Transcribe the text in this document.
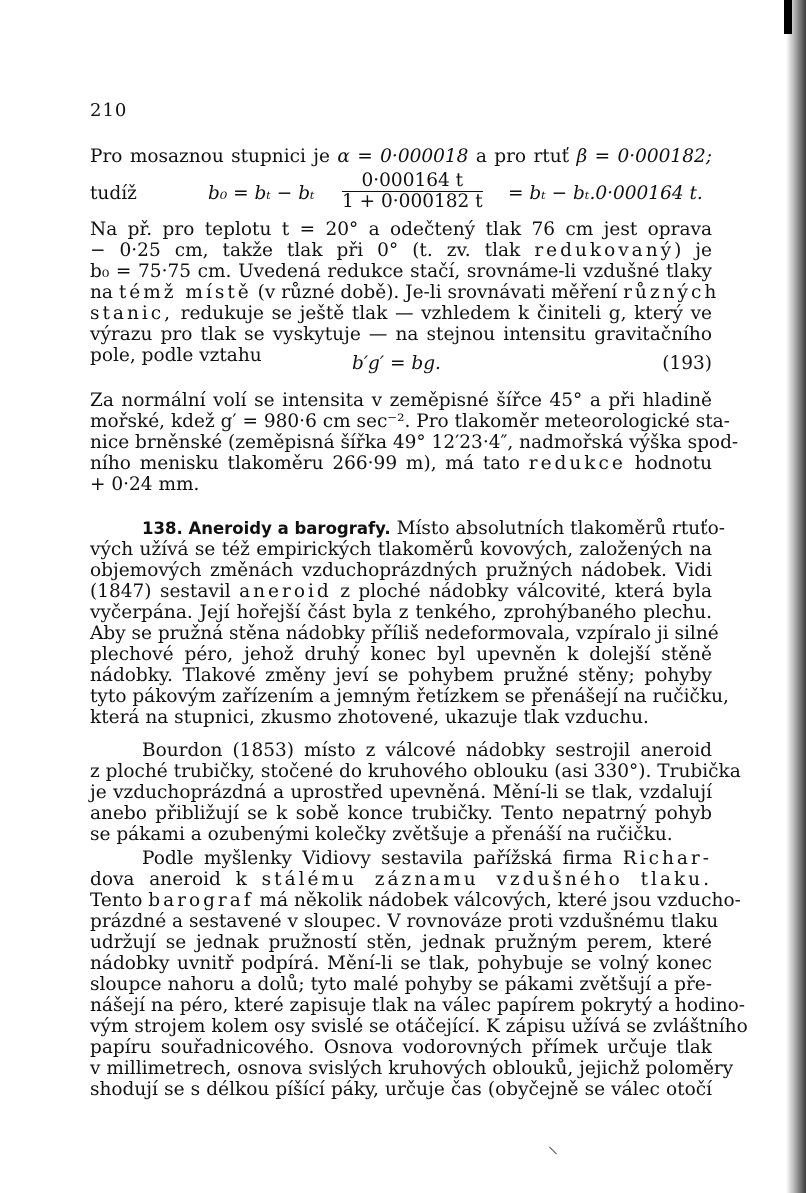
210
Pro mosaznou stupnici je α = 0·000018 a pro rtuť β = 0·000182;
tudíž	b₀ = bₜ − bₜ $\frac{0\cdot 000164 t}{1 + 0\cdot 000182 t} = b_t - b_t.0\cdot 000164$ t.
Na př. pro teplotu t = 20° a odečtený tlak 76 cm jest oprava
− 0·25 cm, takže tlak při 0° (t. zv. tlak redukovaný) je
b₀ = 75·75 cm. Uvedená redukce stačí, srovnáme-li vzdušné tlaky
na témž místě (v různé době). Je-li srovnávati měření různých
stanic, redukuje se ještě tlak — vzhledem k činiteli g, který ve
výrazu pro tlak se vyskytuje — na stejnou intensitu gravitačního
pole, podle vztahu	b′g′ = bg.	(193)
Za normální volí se intensita v zeměpisné šířce 45° a při hladině
mořské, kdež g′ = 980·6 cm sec⁻². Pro tlakoměr meteorologické sta-
nice brněnské (zeměpisná šířka 49° 12′23·4″, nadmořská výška spod-
ního menisku tlakoměru 266·99 m), má tato redukce hodnotu
+ 0·24 mm.
138. Aneroidy a barografy. Místo absolutních tlakoměrů rtuťo-
vých užívá se též empirických tlakoměrů kovových, založených na
objemových změnách vzduchoprázdných pružných nádobek. Vidi
(1847) sestavil aneroid z ploché nádobky válcovité, která byla
vyčerpána. Její hořejší část byla z tenkého, zprohýbaného plechu.
Aby se pružná stěna nádobky příliš nedeformovala, vzpíralo ji silné
plechové péro, jehož druhý konec byl upevněn k dolejší stěně
nádobky. Tlakové změny jeví se pohybem pružné stěny; pohyby
tyto pákovým zařízením a jemným řetízkem se přenášejí na ručičku,
která na stupnici, zkusmo zhotovené, ukazuje tlak vzduchu.
Bourdon (1853) místo z válcové nádobky sestrojil aneroid
z ploché trubičky, stočené do kruhového oblouku (asi 330°). Trubička
je vzduchoprázdná a uprostřed upevněná. Mění-li se tlak, vzdalují
anebo přibližují se k sobě konce trubičky. Tento nepatrný pohyb
se pákami a ozubenými kolečky zvětšuje a přenáší na ručičku.
Podle myšlenky Vidiovy sestavila pařížská firma Richar-
dova aneroid k stálému záznamu vzdušného tlaku.
Tento barograf má několik nádobek válcových, které jsou vzducho-
prázdné a sestavené v sloupec. V rovnováze proti vzdušnému tlaku
udržují se jednak pružností stěn, jednak pružným perem, které
nádobky uvnitř podpírá. Mění-li se tlak, pohybuje se volný konec
sloupce nahoru a dolů; tyto malé pohyby se pákami zvětšují a pře-
nášejí na péro, které zapisuje tlak na válec papírem pokrytý a hodino-
vým strojem kolem osy svislé se otáčející. K zápisu užívá se zvláštního
papíru souřadnicového. Osnova vodorovných přímek určuje tlak
v millimetrech, osnova svislých kruhových oblouků, jejichž poloměry
shodují se s délkou píšící páky, určuje čas (obyčejně se válec otočí
